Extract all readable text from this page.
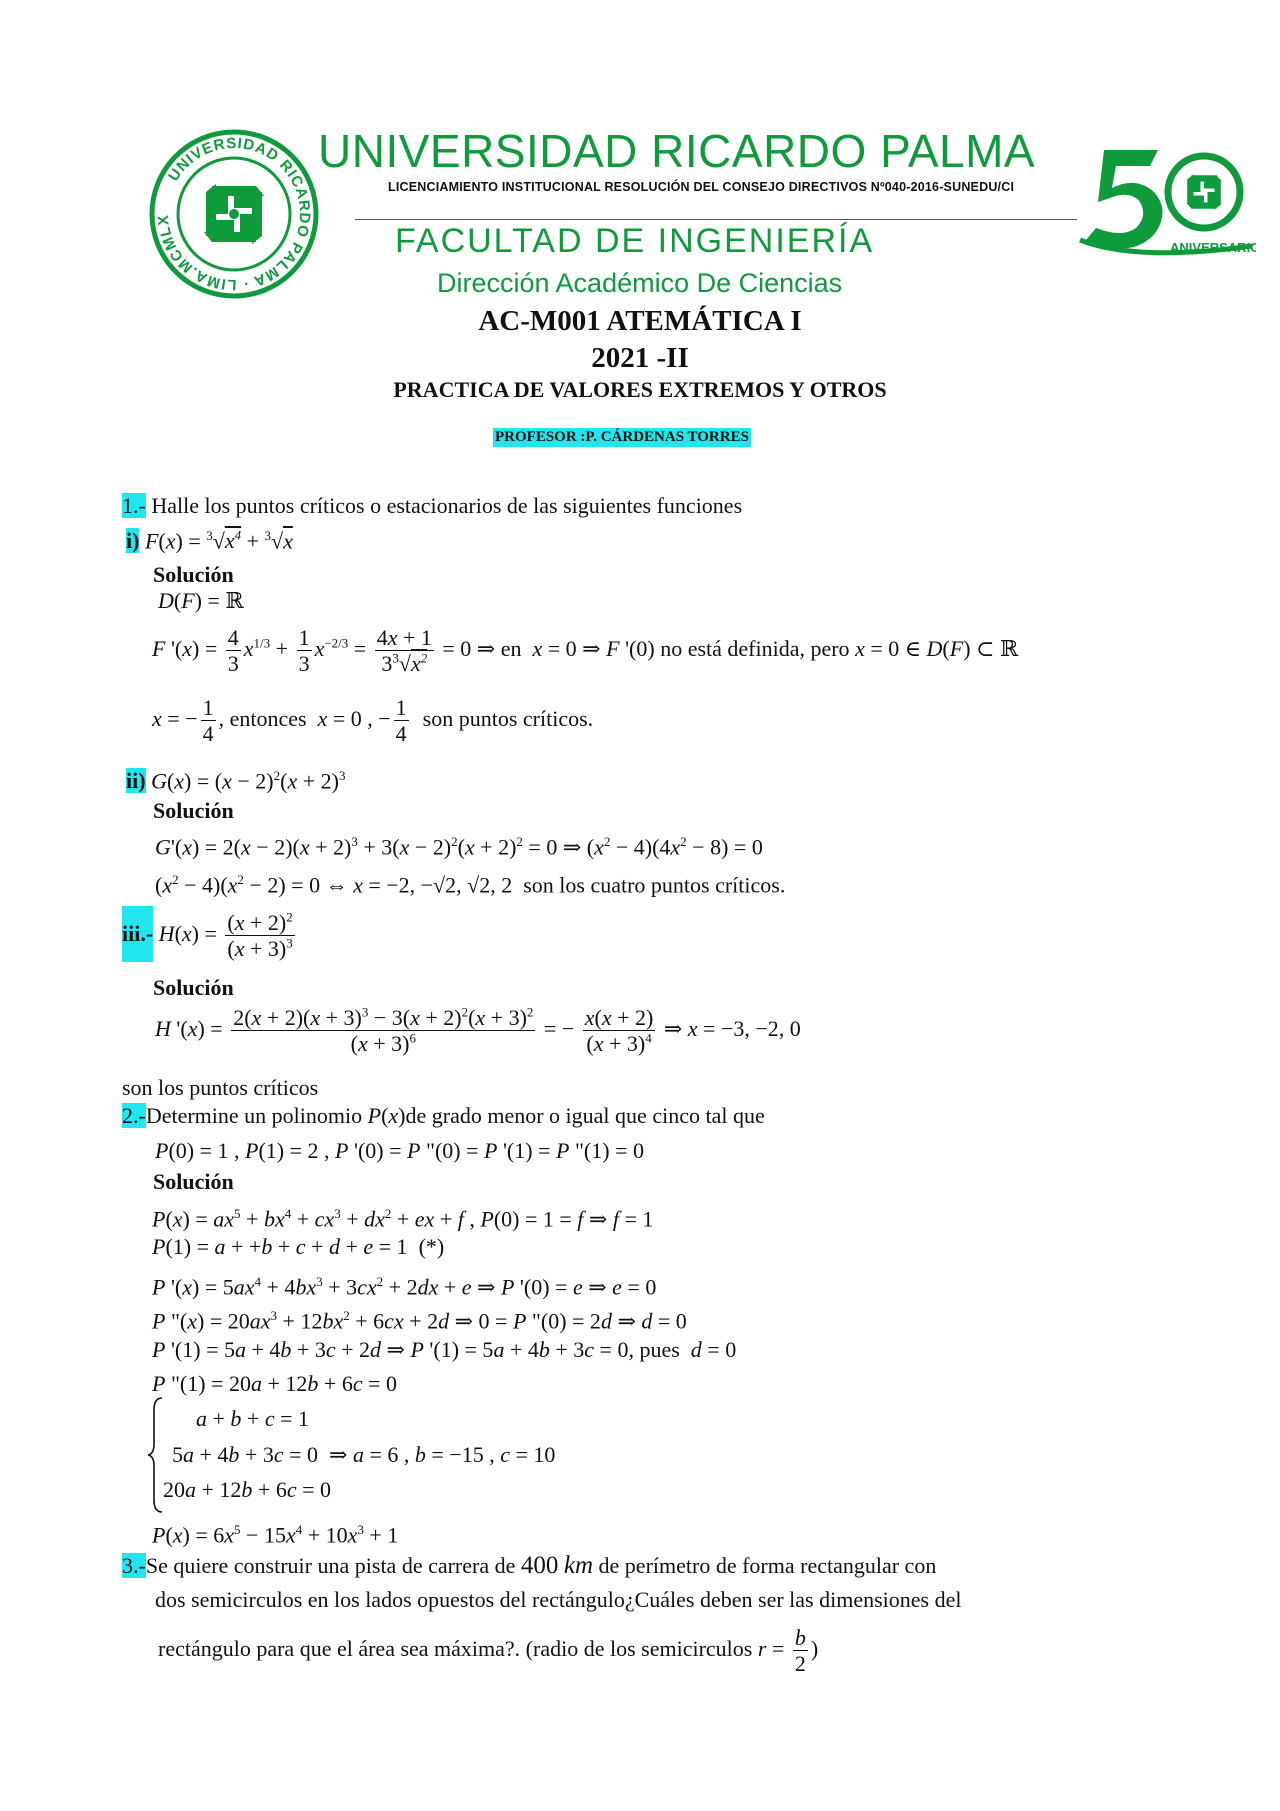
UNIVERSIDAD RICARDO PALMA · LIMA.MCMLX
UNIVERSIDAD RICARDO PALMA
LICENCIAMIENTO INSTITUCIONAL RESOLUCIÓN DEL CONSEJO DIRECTIVOS Nº040-2016-SUNEDU/CI
FACULTAD DE INGENIERÍA
Dirección Académico De Ciencias
ANIVERSARIO
AC-M001 ATEMÁTICA I
2021 -II
PRACTICA DE VALORES EXTREMOS Y OTROS
PROFESOR :P. CÁRDENAS TORRES
1.- Halle los puntos críticos o estacionarios de las siguientes funciones
i) $F(x) = ^3√x^4 + ^3√x$
Solución
D(F) = ℝ
F '$(x) = \frac{4}{3} x^{1/3} + \frac{1}{3} x^{-2/3} = \frac{4x + 1}{3^3√x^2} = 0$ ⇒ en x = 0 ⇒ F '(0) no está definida, pero x = 0 ∈ D(F) ⊂ ℝ
x = − $\frac{1}{4}$ , entonces x = 0 , − $\frac{1}{4}$ son puntos críticos.
ii) $G(x) = (x - 2)^2(x + 2)^3$
Solución
$G'(x) = 2(x - 2)(x + 2)^3 + 3(x - 2)^2(x + 2)^2 = 0$ ⇒ $(x^2 - 4)(4x^2 - 8) = 0$
$(x^2 - 4)(x^2 - 2) = 0$ ⇔ x = −2, −√2, √2, 2  son los cuatro puntos críticos.
iii.- $H(x) = \frac{(x + 2)^2}{(x + 3)^3}$
Solución
H '$(x) = \frac{2(x + 2)(x + 3)^3 - 3(x + 2)^2(x + 3)^2}{(x + 3)^6}$ = − $\frac{x(x + 2)}{(x + 3)^4}$ ⇒ x = −3, −2, 0
son los puntos críticos
2.-Determine un polinomio P(x)de grado menor o igual que cinco tal que
P(0) = 1 , P(1) = 2 , P '(0) = P "(0) = P '(1) = P "(1) = 0
Solución
$P(x) = ax^5 + bx^4 + cx^3 + dx^2$ + ex + f , P(0) = 1 = f ⇒ f = 1
P(1) = a + +b + c + d + e = 1  (*)
P '$(x) = 5ax^4 + 4bx^3 + 3cx^2 + 2dx + e$ ⇒ P '(0) = e ⇒ e = 0
P "$(x) = 20ax^3 + 12bx^2 + 6cx + 2d$ ⇒ 0 = P "(0) = 2d ⇒ d = 0
P '(1) = 5a + 4b + 3c + 2d ⇒ P '(1) = 5a + 4b + 3c = 0, pues d = 0
P "(1) = 20a + 12b + 6c = 0
a + b + c = 1
5a + 4b + 3c = 0  ⇒ a = 6 , b = −15 , c = 10
20a + 12b + 6c = 0
$P(x) = 6x^5 - 15x^4 + 10x^3 + 1$
3.-Se quiere construir una pista de carrera de 400 km de perímetro de forma rectangular con
dos semicirculos en los lados opuestos del rectángulo¿Cuáles deben ser las dimensiones del
rectángulo para que el área sea máxima?. (radio de los semicirculos $r = \frac{b}{2}$ )
